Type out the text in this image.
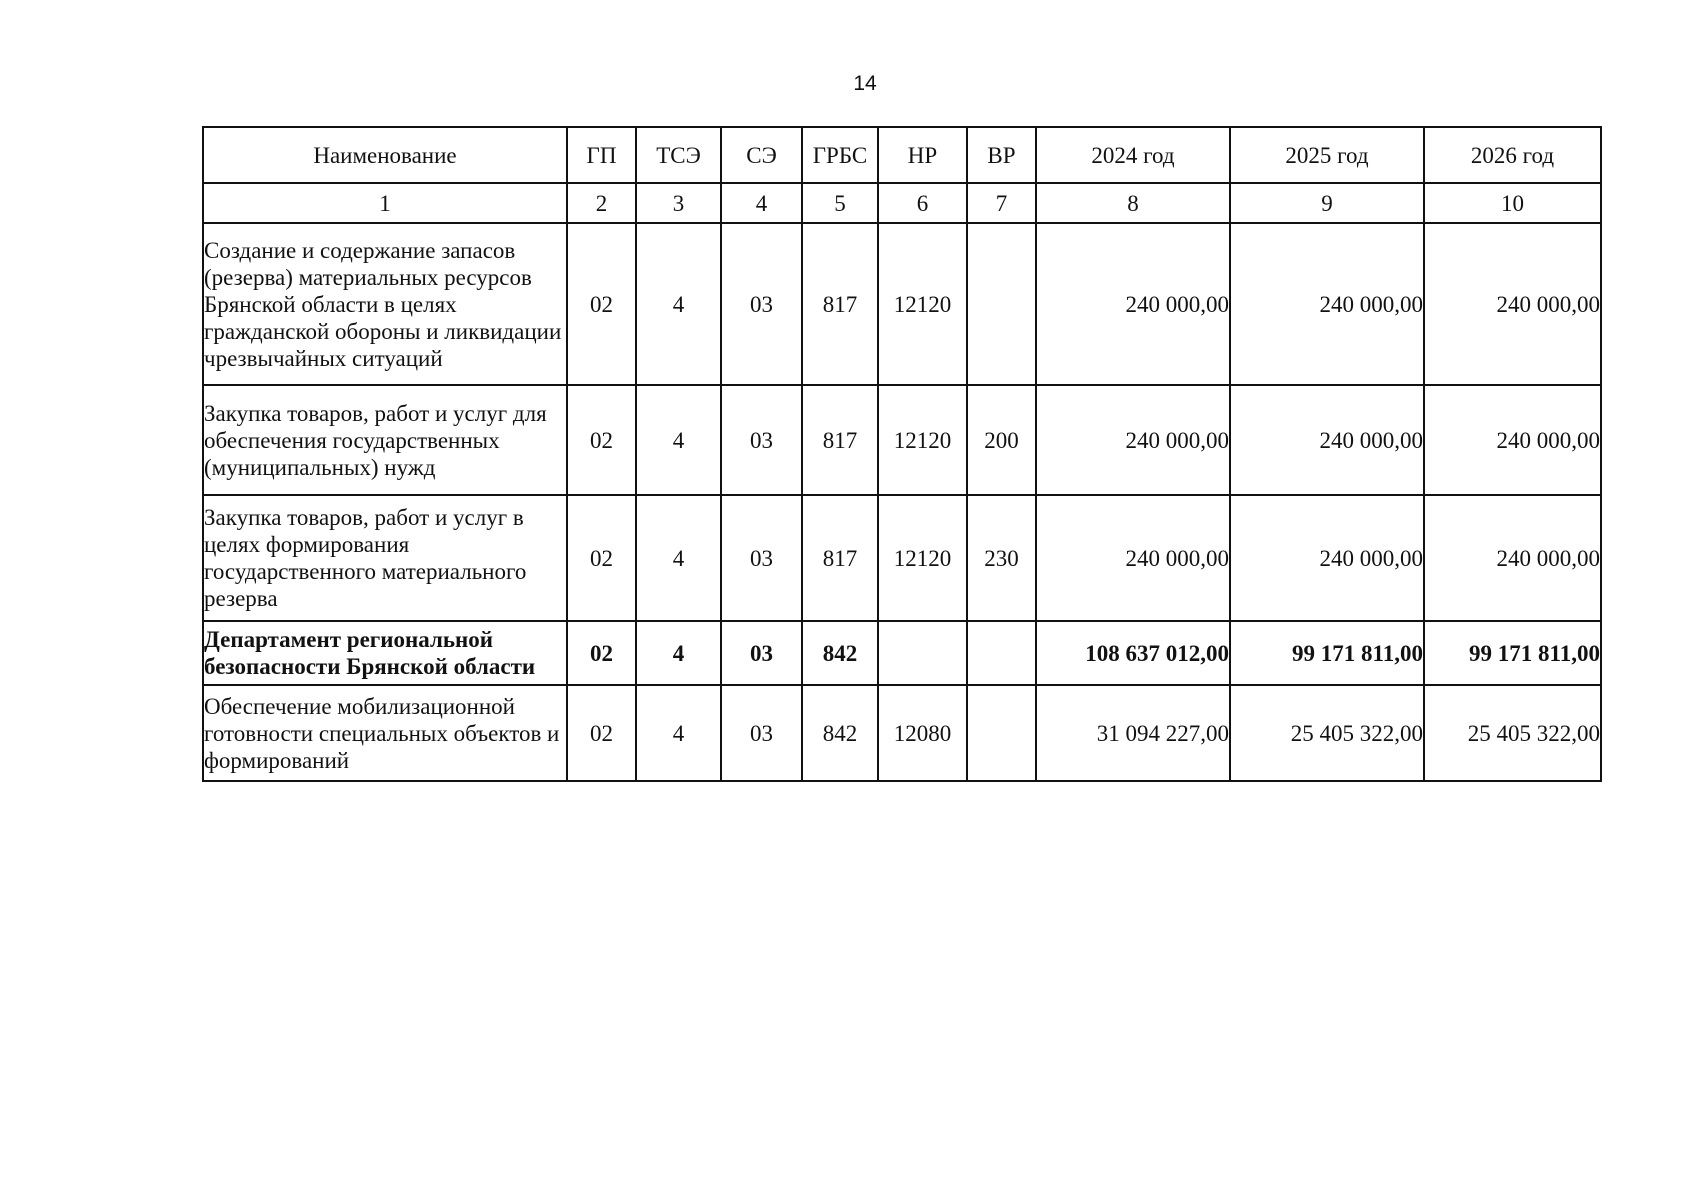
14
Наименование	ГП	ТСЭ	СЭ	ГРБС	НР	ВР	2024 год	2025 год	2026 год
1	2	3	4	5	6	7	8	9	10
Создание и содержание запасов (резерва) материальных ресурсов Брянской области в целях гражданской обороны и ликвидации чрезвычайных ситуаций	02	4	03	817	12120		240 000,00	240 000,00	240 000,00
Закупка товаров, работ и услуг для обеспечения государственных (муниципальных) нужд	02	4	03	817	12120	200	240 000,00	240 000,00	240 000,00
Закупка товаров, работ и услуг в целях формирования государственного материального резерва	02	4	03	817	12120	230	240 000,00	240 000,00	240 000,00
Департамент региональной безопасности Брянской области	02	4	03	842			108 637 012,00	99 171 811,00	99 171 811,00
Обеспечение мобилизационной готовности специальных объектов и формирований	02	4	03	842	12080		31 094 227,00	25 405 322,00	25 405 322,00
